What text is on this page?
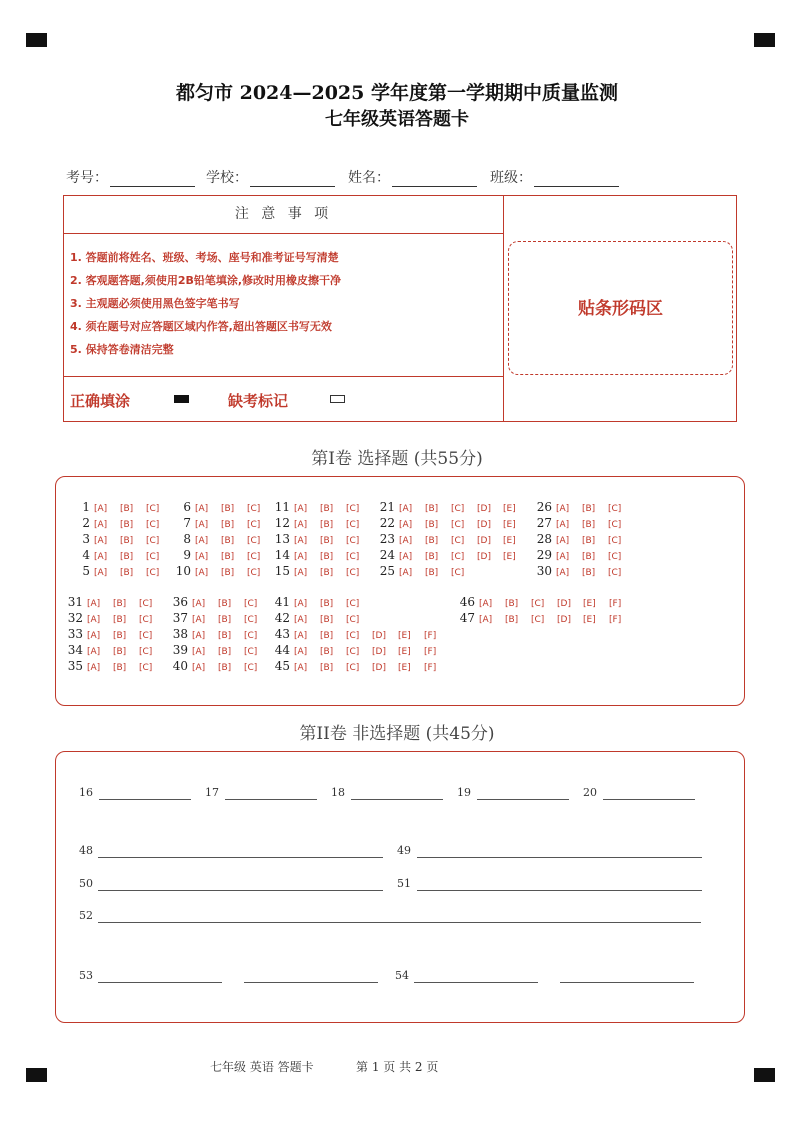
都匀市 2024—2025 学年度第一学期期中质量监测
七年级英语答题卡
考号：	学校：	姓名：	班级：
注 意 事 项
1. 答题前将姓名、班级、考场、座号和准考证号写清楚
2. 客观题答题,须使用2B铅笔填涂,修改时用橡皮擦干净
3. 主观题必须使用黑色签字笔书写
4. 须在题号对应答题区域内作答,超出答题区书写无效
5. 保持答卷清洁完整
正确填涂	缺考标记
贴条形码区
第I卷 选择题 (共55分)
1 [A] [B] [C]
2 [A] [B] [C]
3 [A] [B] [C]
4 [A] [B] [C]
5 [A] [B] [C]
6 [A] [B] [C]
7 [A] [B] [C]
8 [A] [B] [C]
9 [A] [B] [C]
10 [A] [B] [C]
11 [A] [B] [C]
12 [A] [B] [C]
13 [A] [B] [C]
14 [A] [B] [C]
15 [A] [B] [C]
21 [A] [B] [C] [D] [E]
22 [A] [B] [C] [D] [E]
23 [A] [B] [C] [D] [E]
24 [A] [B] [C] [D] [E]
25 [A] [B] [C]
26 [A] [B] [C]
27 [A] [B] [C]
28 [A] [B] [C]
29 [A] [B] [C]
30 [A] [B] [C]
31 [A] [B] [C]
32 [A] [B] [C]
33 [A] [B] [C]
34 [A] [B] [C]
35 [A] [B] [C]
36 [A] [B] [C]
37 [A] [B] [C]
38 [A] [B] [C]
39 [A] [B] [C]
40 [A] [B] [C]
41 [A] [B] [C]
42 [A] [B] [C]
43 [A] [B] [C] [D] [E] [F]
44 [A] [B] [C] [D] [E] [F]
45 [A] [B] [C] [D] [E] [F]
46 [A] [B] [C] [D] [E] [F]
47 [A] [B] [C] [D] [E] [F]
第II卷 非选择题 (共45分)
16	17	18	19	20
48	49
50	51
52
53	54
七年级 英语 答题卡	第 1 页 共 2 页
